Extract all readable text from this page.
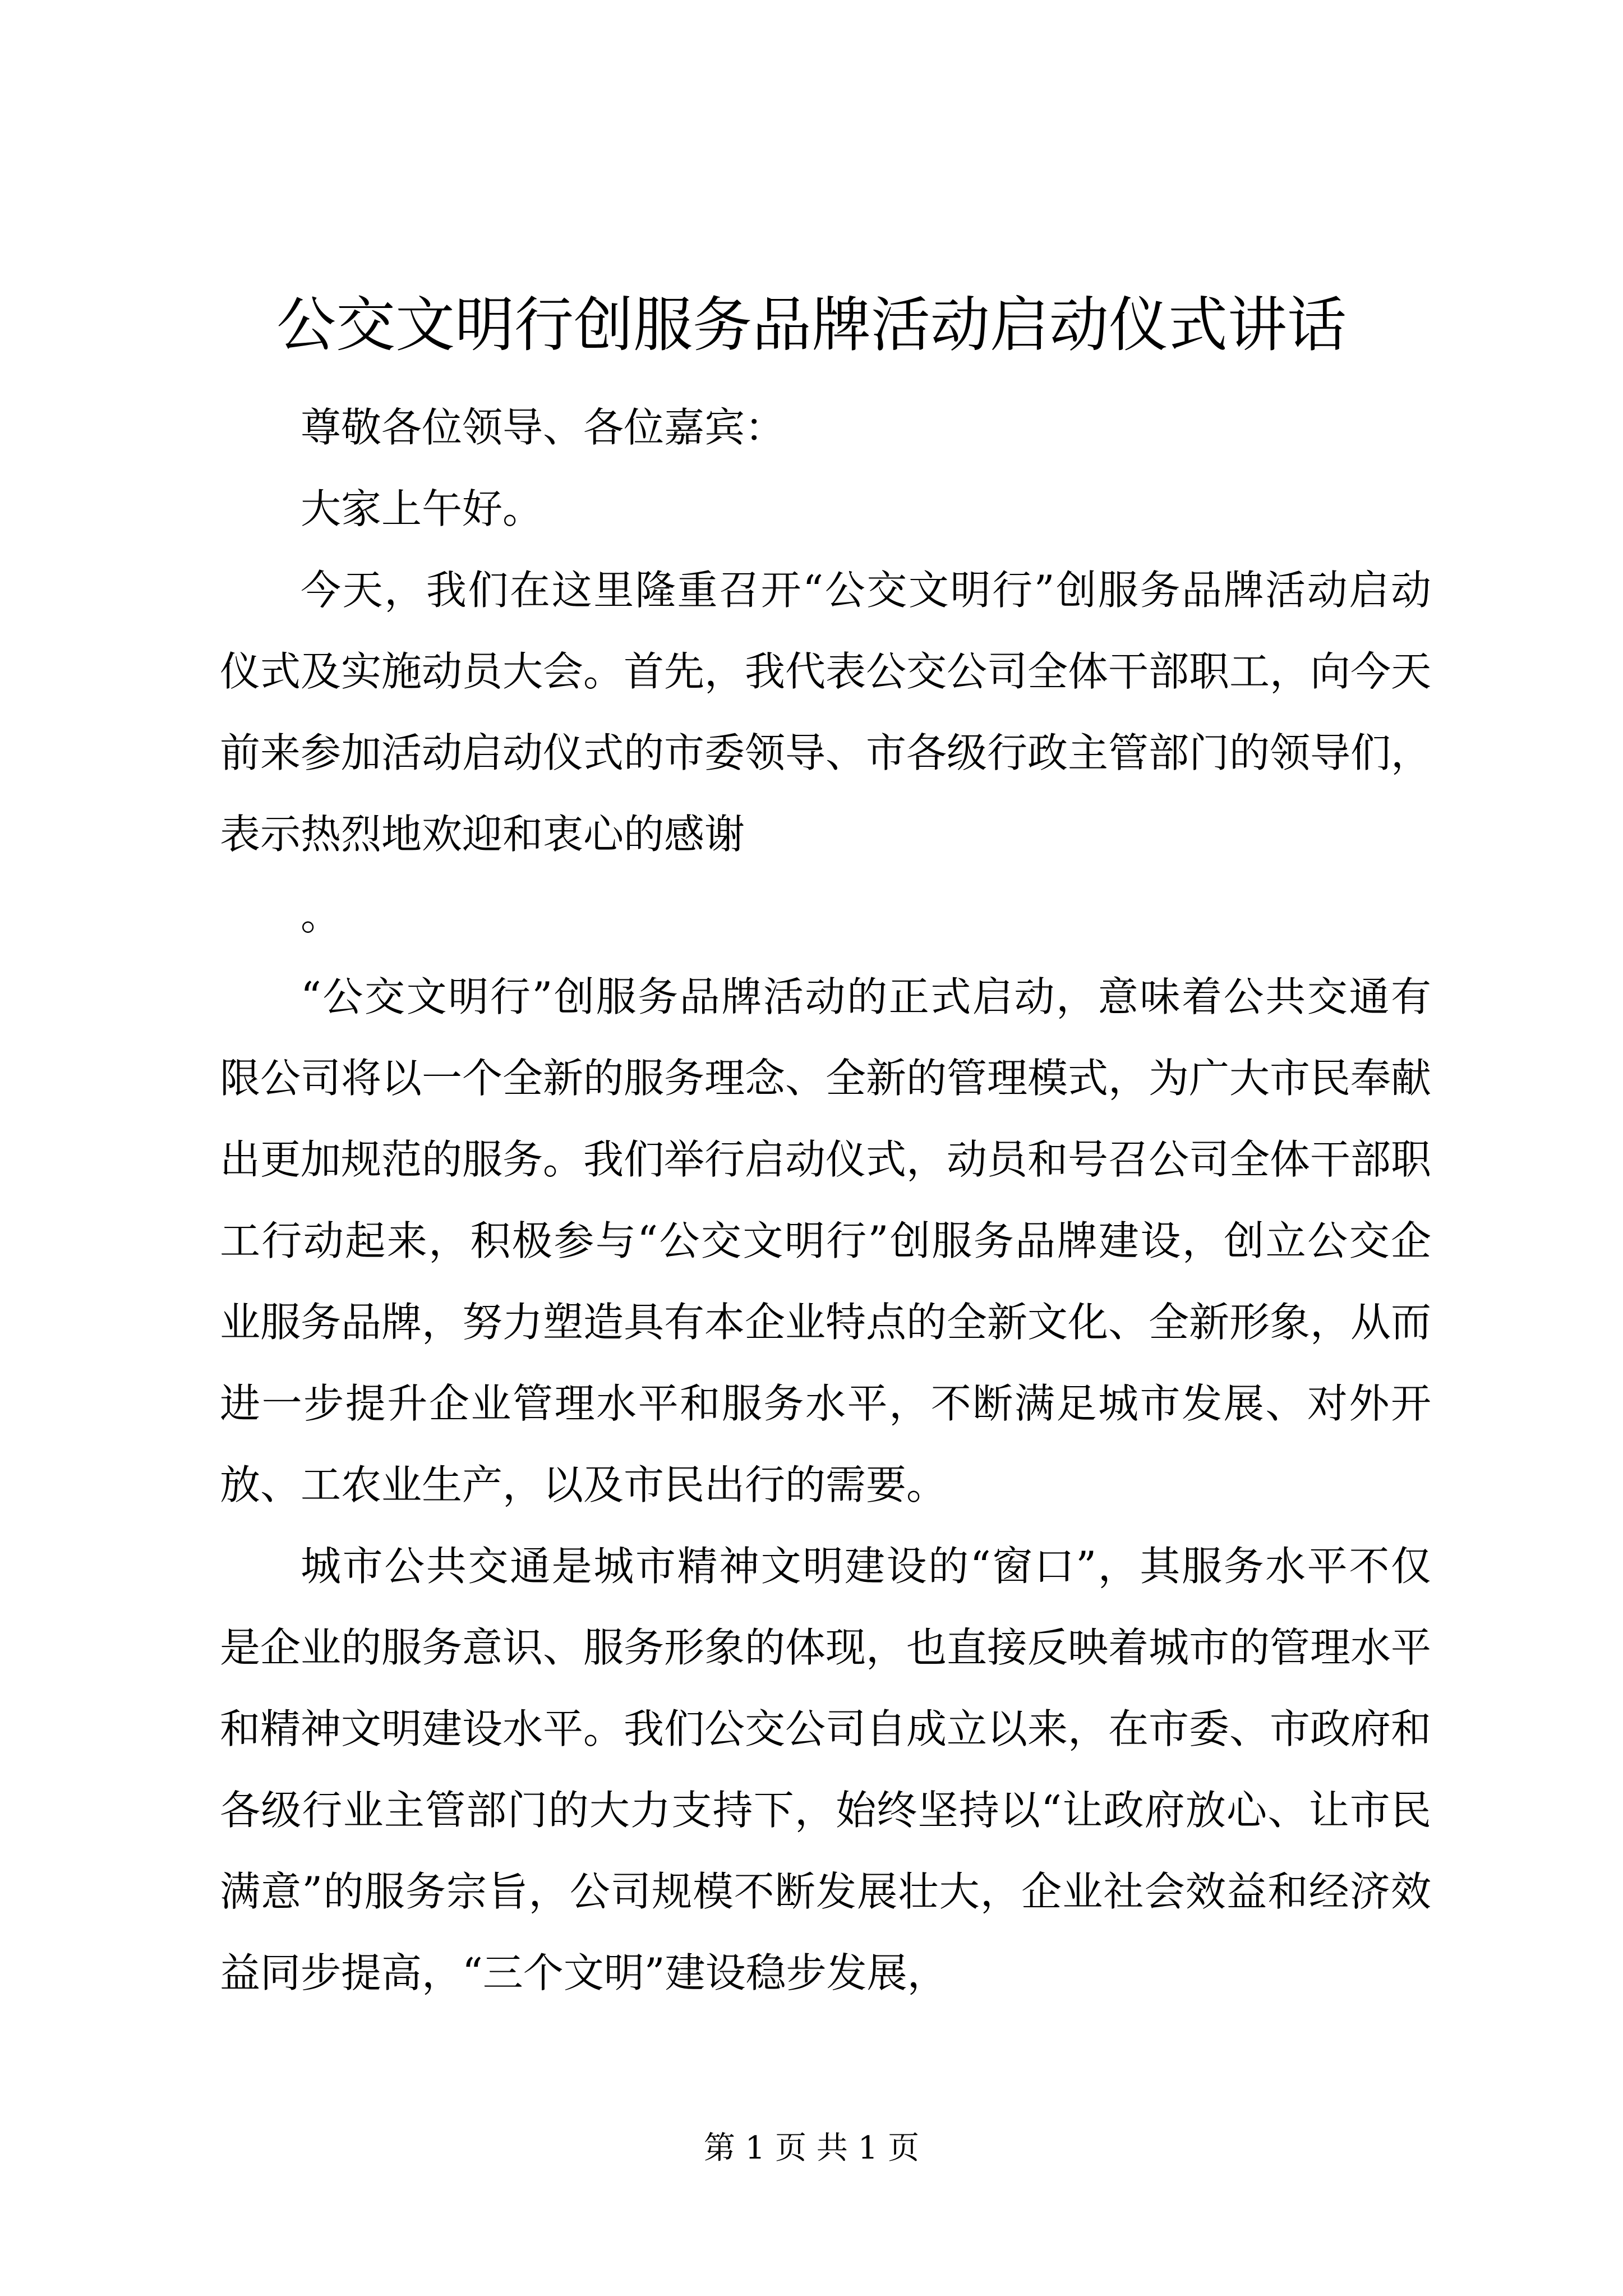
公交文明行创服务品牌活动启动仪式讲话

尊敬各位领导、各位嘉宾：

大家上午好。

今天，我们在这里隆重召开“公交文明行”创服务品牌活动启动仪式及实施动员大会。首先，我代表公交公司全体干部职工，向今天前来参加活动启动仪式的市委领导、市各级行政主管部门的领导们，表示热烈地欢迎和衷心的感谢

。

“公交文明行”创服务品牌活动的正式启动，意味着公共交通有限公司将以一个全新的服务理念、全新的管理模式，为广大市民奉献出更加规范的服务。我们举行启动仪式，动员和号召公司全体干部职工行动起来，积极参与“公交文明行”创服务品牌建设，创立公交企业服务品牌，努力塑造具有本企业特点的全新文化、全新形象，从而进一步提升企业管理水平和服务水平，不断满足城市发展、对外开放、工农业生产，以及市民出行的需要。

城市公共交通是城市精神文明建设的“窗口”，其服务水平不仅是企业的服务意识、服务形象的体现，也直接反映着城市的管理水平和精神文明建设水平。我们公交公司自成立以来，在市委、市政府和各级行业主管部门的大力支持下，始终坚持以“让政府放心、让市民满意”的服务宗旨，公司规模不断发展壮大，企业社会效益和经济效益同步提高，“三个文明”建设稳步发展，

第 1 页 共 1 页
